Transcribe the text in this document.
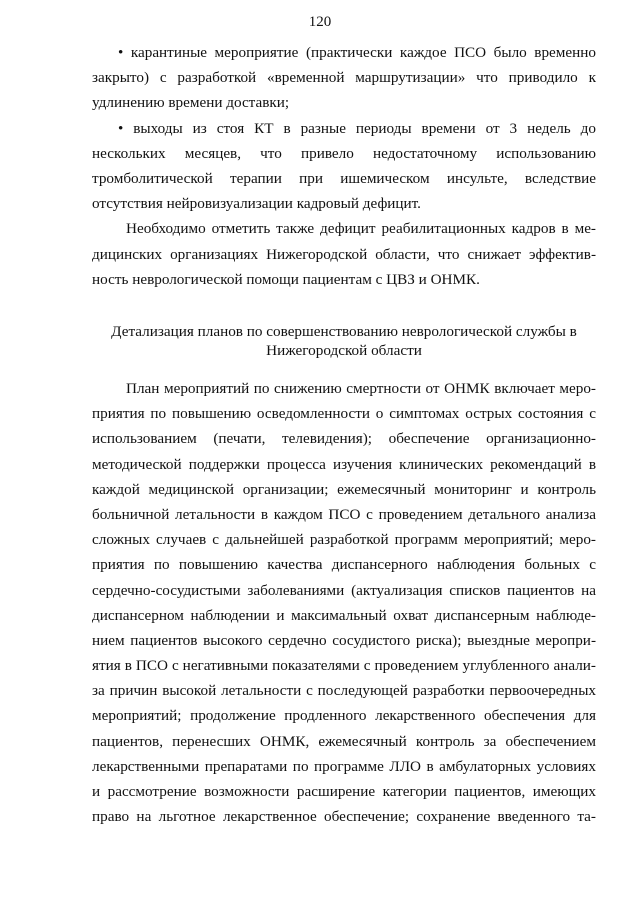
120
• карантиные мероприятие (практически каждое ПСО было временно
закрыто) с разработкой «временной маршрутизации» что приводило к
удлинению времени доставки;
• выходы из стоя КТ в разные периоды времени от 3 недель до
нескольких месяцев, что привело недостаточному использованию
тромболитической терапии при ишемическом инсульте, вследствие
отсутствия нейровизуализации кадровый дефицит.
Необходимо отметить также дефицит реабилитационных кадров в ме-
дицинских организациях Нижегородской области, что снижает эффектив-
ность неврологической помощи пациентам с ЦВЗ и ОНМК.
Детализация планов по совершенствованию неврологической службы в
Нижегородской области
План мероприятий по снижению смертности от ОНМК включает меро-
приятия по повышению осведомленности о симптомах острых состояния с
использованием (печати, телевидения); обеспечение организационно-
методической поддержки процесса изучения клинических рекомендаций в
каждой медицинской организации; ежемесячный мониторинг и контроль
больничной летальности в каждом ПСО с проведением детального анализа
сложных случаев с дальнейшей разработкой программ мероприятий; меро-
приятия по повышению качества диспансерного наблюдения больных с
сердечно-сосудистыми заболеваниями (актуализация списков пациентов на
диспансерном наблюдении и максимальный охват диспансерным наблюде-
нием пациентов высокого сердечно сосудистого риска); выездные меропри-
ятия в ПСО с негативными показателями с проведением углубленного анали-
за причин высокой летальности с последующей разработки первоочередных
мероприятий; продолжение продленного лекарственного обеспечения для
пациентов, перенесших ОНМК, ежемесячный контроль за обеспечением
лекарственными препаратами по программе ЛЛО в амбулаторных условиях
и рассмотрение возможности расширение категории пациентов, имеющих
право на льготное лекарственное обеспечение; сохранение введенного та-
